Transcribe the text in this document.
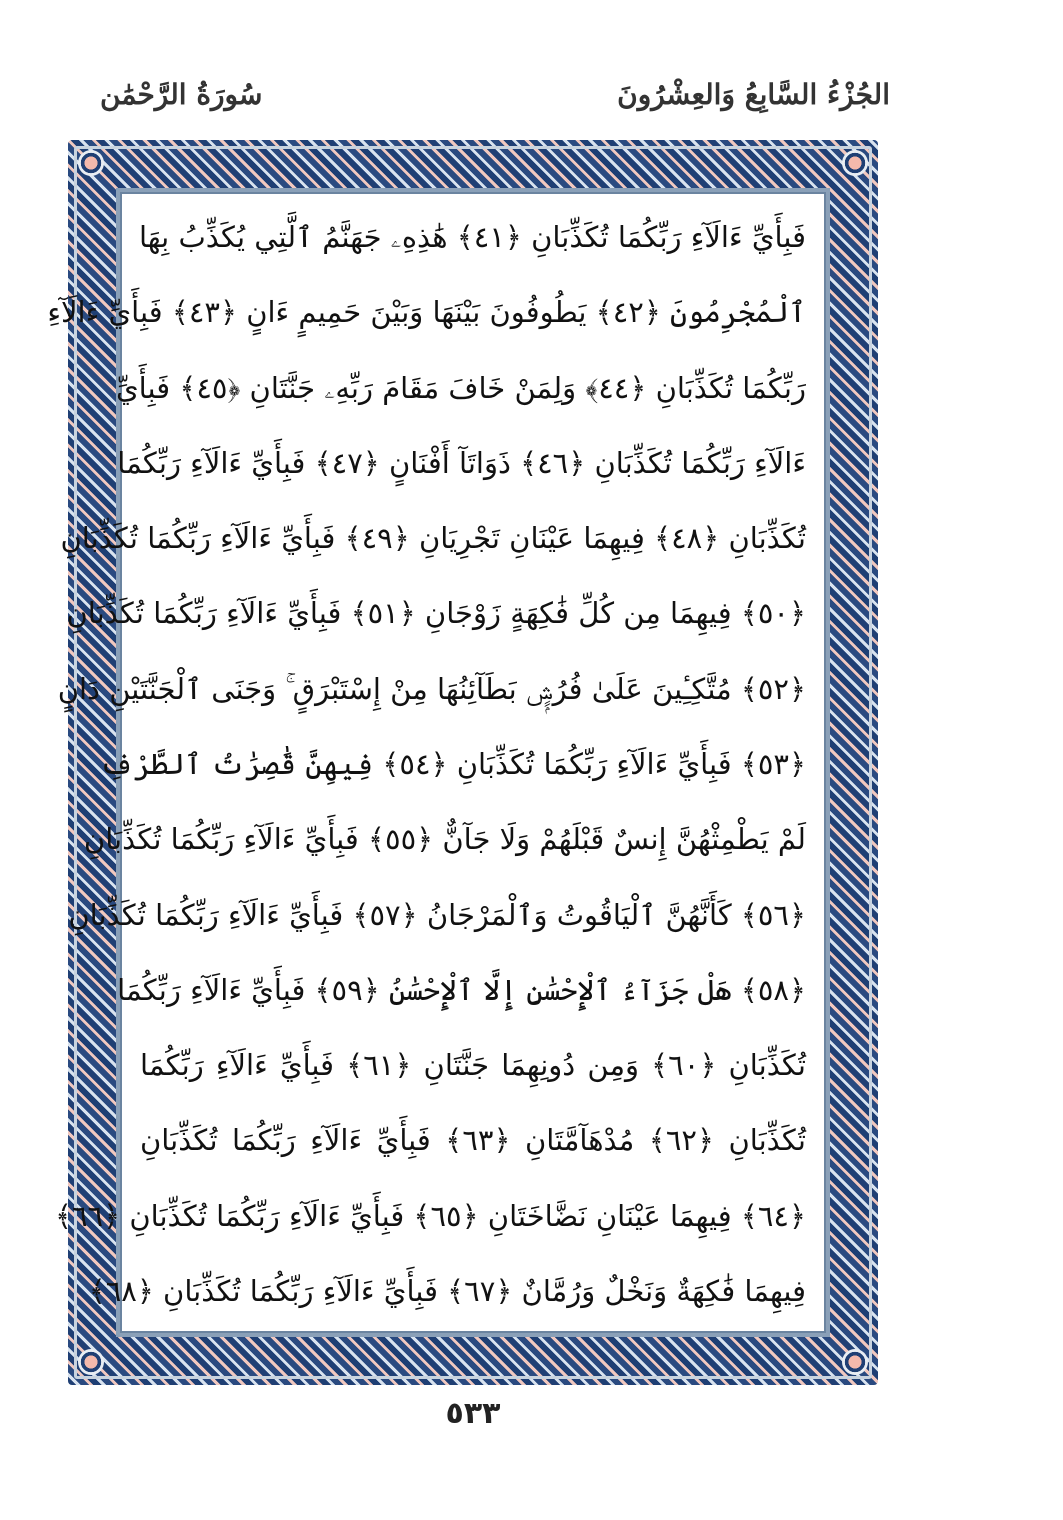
الجُزْءُ السَّابِعُ وَالعِشْرُونَ
سُورَةُ الرَّحْمَٰن
فَبِأَيِّ ءَالَآءِ رَبِّكُمَا تُكَذِّبَانِ ﴿٤١﴾ هَٰذِهِۦ جَهَنَّمُ ٱلَّتِي يُكَذِّبُ بِهَا
ٱلْمُجْرِمُونَ ﴿٤٢﴾ يَطُوفُونَ بَيْنَهَا وَبَيْنَ حَمِيمٍ ءَانٍ ﴿٤٣﴾ فَبِأَيِّ ءَالَآءِ
رَبِّكُمَا تُكَذِّبَانِ ﴿٤٤﴾ وَلِمَنْ خَافَ مَقَامَ رَبِّهِۦ جَنَّتَانِ ﴿٤٥﴾ فَبِأَيِّ
ءَالَآءِ رَبِّكُمَا تُكَذِّبَانِ ﴿٤٦﴾ ذَوَاتَآ أَفْنَانٍ ﴿٤٧﴾ فَبِأَيِّ ءَالَآءِ رَبِّكُمَا
تُكَذِّبَانِ ﴿٤٨﴾ فِيهِمَا عَيْنَانِ تَجْرِيَانِ ﴿٤٩﴾ فَبِأَيِّ ءَالَآءِ رَبِّكُمَا تُكَذِّبَانِ
﴿٥٠﴾ فِيهِمَا مِن كُلِّ فَٰكِهَةٍ زَوْجَانِ ﴿٥١﴾ فَبِأَيِّ ءَالَآءِ رَبِّكُمَا تُكَذِّبَانِ
﴿٥٢﴾ مُتَّكِـِٔينَ عَلَىٰ فُرُشٍۭ بَطَآئِنُهَا مِنْ إِسْتَبْرَقٍ ۚ وَجَنَى ٱلْجَنَّتَيْنِ دَانٍ
﴿٥٣﴾ فَبِأَيِّ ءَالَآءِ رَبِّكُمَا تُكَذِّبَانِ ﴿٥٤﴾ فِيهِنَّ قَٰصِرَٰتُ ٱلطَّرْفِ
لَمْ يَطْمِثْهُنَّ إِنسٌ قَبْلَهُمْ وَلَا جَآنٌّ ﴿٥٥﴾ فَبِأَيِّ ءَالَآءِ رَبِّكُمَا تُكَذِّبَانِ
﴿٥٦﴾ كَأَنَّهُنَّ ٱلْيَاقُوتُ وَٱلْمَرْجَانُ ﴿٥٧﴾ فَبِأَيِّ ءَالَآءِ رَبِّكُمَا تُكَذِّبَانِ
﴿٥٨﴾ هَلْ جَزَآءُ ٱلْإِحْسَٰنِ إِلَّا ٱلْإِحْسَٰنُ ﴿٥٩﴾ فَبِأَيِّ ءَالَآءِ رَبِّكُمَا
تُكَذِّبَانِ ﴿٦٠﴾ وَمِن دُونِهِمَا جَنَّتَانِ ﴿٦١﴾ فَبِأَيِّ ءَالَآءِ رَبِّكُمَا
تُكَذِّبَانِ ﴿٦٢﴾ مُدْهَآمَّتَانِ ﴿٦٣﴾ فَبِأَيِّ ءَالَآءِ رَبِّكُمَا تُكَذِّبَانِ
﴿٦٤﴾ فِيهِمَا عَيْنَانِ نَضَّاخَتَانِ ﴿٦٥﴾ فَبِأَيِّ ءَالَآءِ رَبِّكُمَا تُكَذِّبَانِ ﴿٦٦﴾
فِيهِمَا فَٰكِهَةٌ وَنَخْلٌ وَرُمَّانٌ ﴿٦٧﴾ فَبِأَيِّ ءَالَآءِ رَبِّكُمَا تُكَذِّبَانِ ﴿٦٨﴾
٥٣٣
